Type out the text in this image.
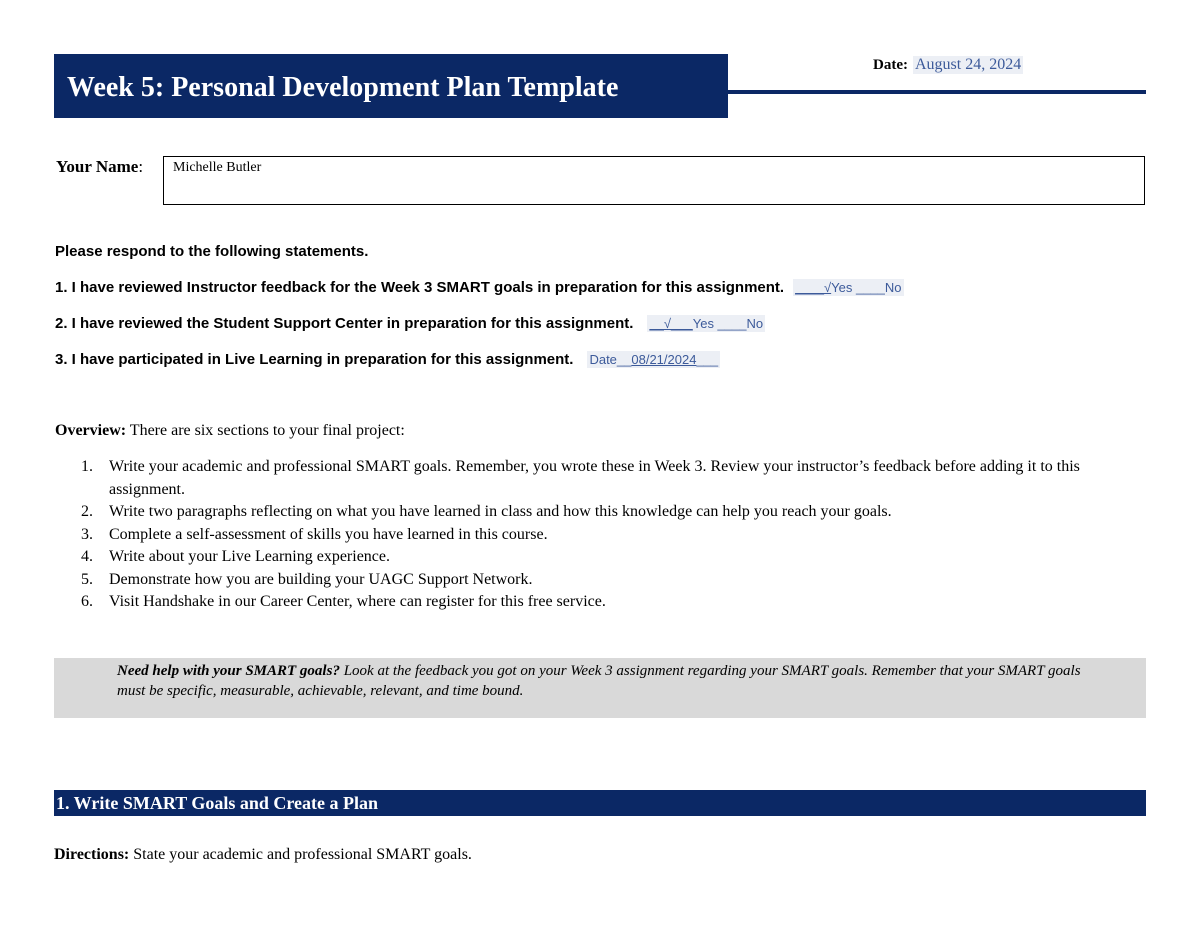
Week 5: Personal Development Plan Template
Date: August 24, 2024
Your Name:	Michelle Butler
Please respond to the following statements.
1. I have reviewed Instructor feedback for the Week 3 SMART goals in preparation for this assignment. ____√Yes ____No
2. I have reviewed the Student Support Center in preparation for this assignment. __√___Yes ____No
3. I have participated in Live Learning in preparation for this assignment. Date__08/21/2024___
Overview: There are six sections to your final project:
1.	Write your academic and professional SMART goals. Remember, you wrote these in Week 3. Review your instructor’s feedback before adding it to this assignment.
2.	Write two paragraphs reflecting on what you have learned in class and how this knowledge can help you reach your goals.
3.	Complete a self-assessment of skills you have learned in this course.
4.	Write about your Live Learning experience.
5.	Demonstrate how you are building your UAGC Support Network.
6.	Visit Handshake in our Career Center, where can register for this free service.
Need help with your SMART goals? Look at the feedback you got on your Week 3 assignment regarding your SMART goals. Remember that your SMART goals must be specific, measurable, achievable, relevant, and time bound.
1. Write SMART Goals and Create a Plan
Directions: State your academic and professional SMART goals.
